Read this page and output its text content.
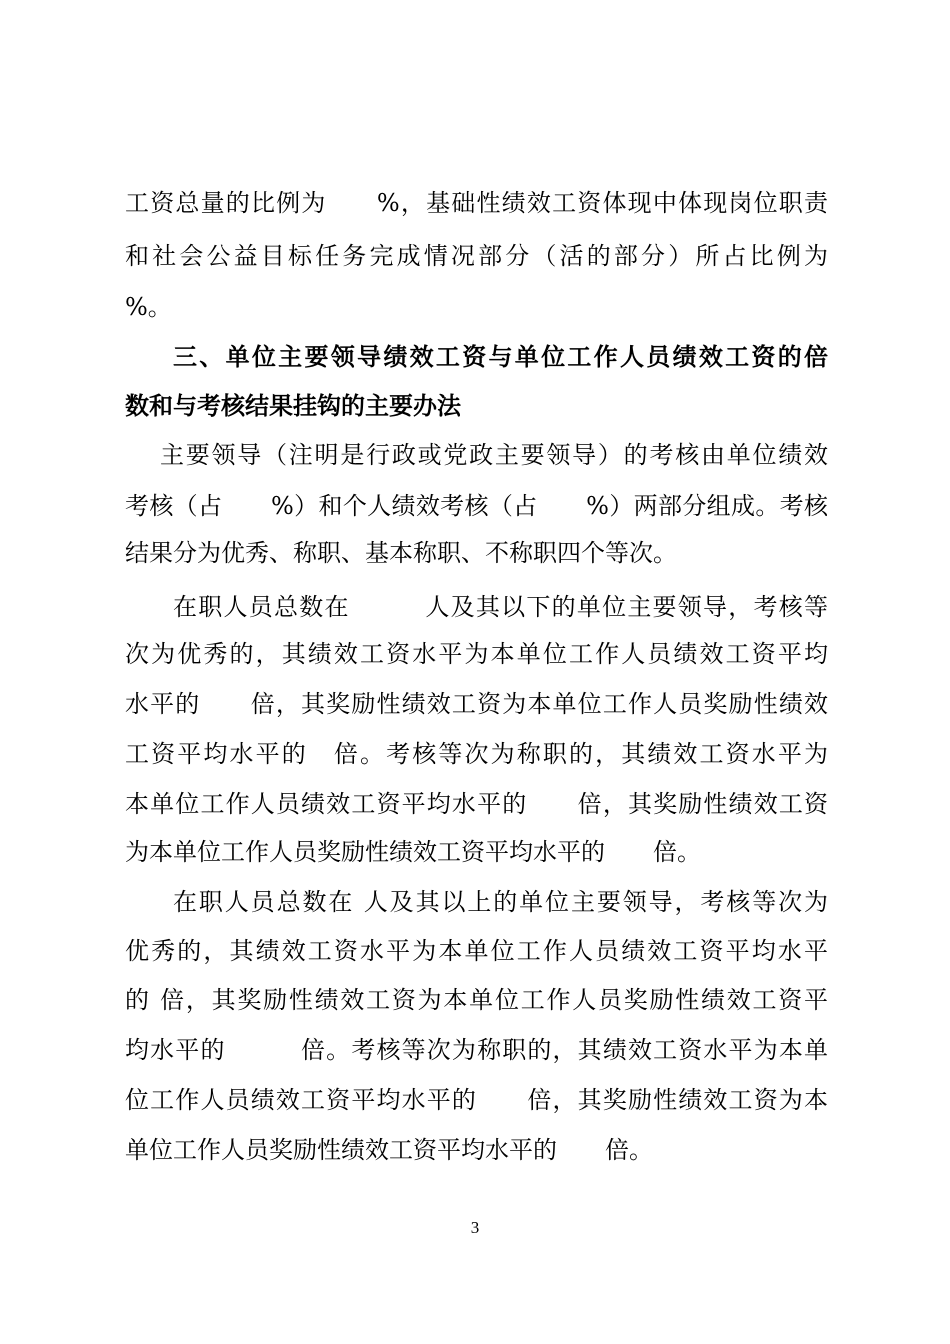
工资总量的比例为　　%，基础性绩效工资体现中体现岗位职责
和社会公益目标任务完成情况部分（活的部分）所占比例为
%。
三、单位主要领导绩效工资与单位工作人员绩效工资的倍
数和与考核结果挂钩的主要办法
主要领导（注明是行政或党政主要领导）的考核由单位绩效
考核（占　　%）和个人绩效考核（占　　%）两部分组成。考核
结果分为优秀、称职、基本称职、不称职四个等次。
在职人员总数在　　　人及其以下的单位主要领导，考核等
次为优秀的，其绩效工资水平为本单位工作人员绩效工资平均
水平的　　倍，其奖励性绩效工资为本单位工作人员奖励性绩效
工资平均水平的　倍。考核等次为称职的，其绩效工资水平为
本单位工作人员绩效工资平均水平的　　倍，其奖励性绩效工资
为本单位工作人员奖励性绩效工资平均水平的　　倍。
在职人员总数在 人及其以上的单位主要领导，考核等次为
优秀的，其绩效工资水平为本单位工作人员绩效工资平均水平
的 倍，其奖励性绩效工资为本单位工作人员奖励性绩效工资平
均水平的　　　倍。考核等次为称职的，其绩效工资水平为本单
位工作人员绩效工资平均水平的　　倍，其奖励性绩效工资为本
单位工作人员奖励性绩效工资平均水平的　　倍。
3
